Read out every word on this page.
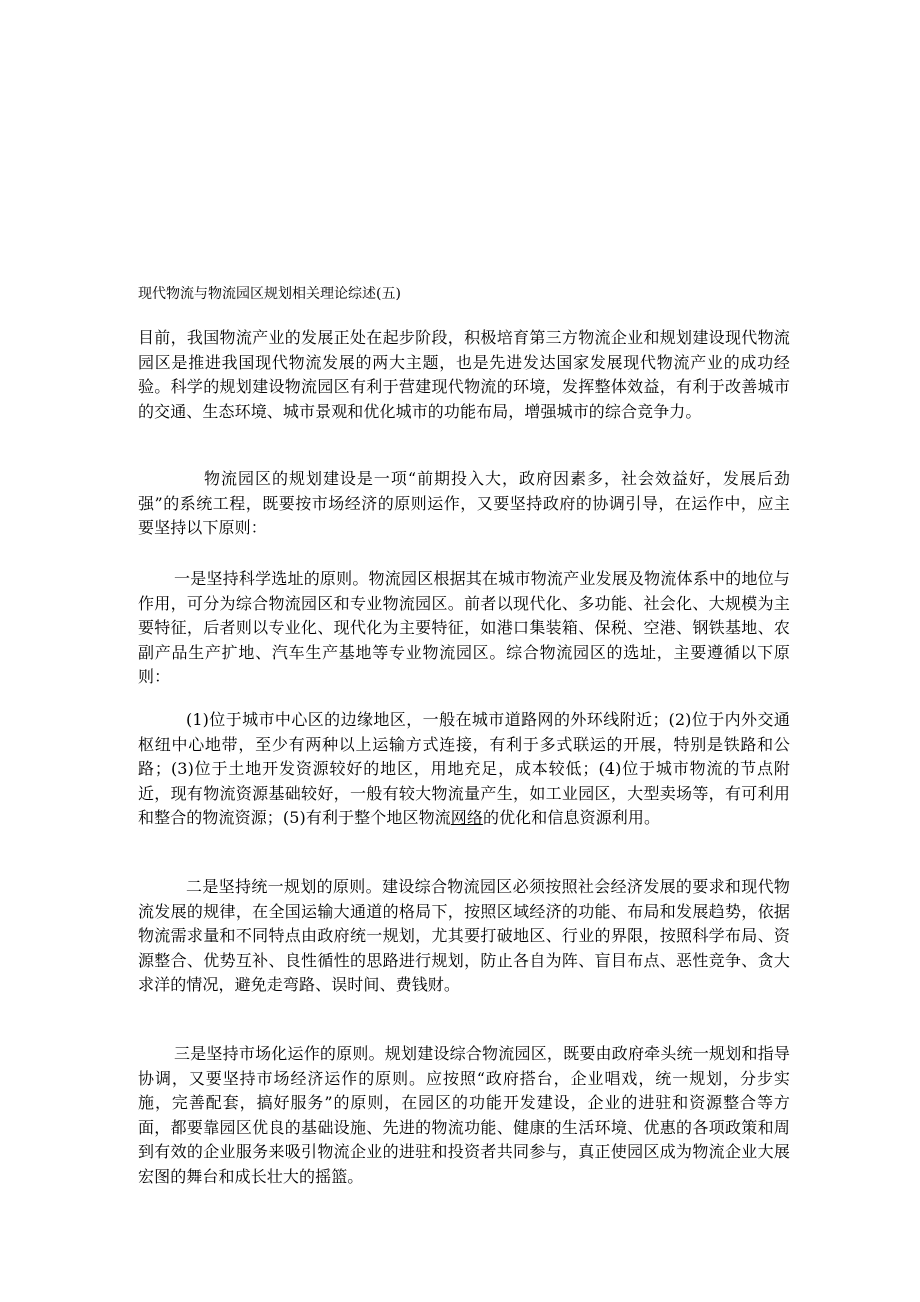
现代物流与物流园区规划相关理论综述(五)

目前，我国物流产业的发展正处在起步阶段，积极培育第三方物流企业和规划建设现代物流园区是推进我国现代物流发展的两大主题，也是先进发达国家发展现代物流产业的成功经验。科学的规划建设物流园区有利于营建现代物流的环境，发挥整体效益，有利于改善城市的交通、生态环境、城市景观和优化城市的功能布局，增强城市的综合竞争力。

物流园区的规划建设是一项“前期投入大，政府因素多，社会效益好，发展后劲强”的系统工程，既要按市场经济的原则运作，又要坚持政府的协调引导，在运作中，应主要坚持以下原则：

一是坚持科学选址的原则。物流园区根据其在城市物流产业发展及物流体系中的地位与作用，可分为综合物流园区和专业物流园区。前者以现代化、多功能、社会化、大规模为主要特征，后者则以专业化、现代化为主要特征，如港口集装箱、保税、空港、钢铁基地、农副产品生产扩地、汽车生产基地等专业物流园区。综合物流园区的选址，主要遵循以下原则：

(1)位于城市中心区的边缘地区，一般在城市道路网的外环线附近；(2)位于内外交通枢纽中心地带，至少有两种以上运输方式连接，有利于多式联运的开展，特别是铁路和公路；(3)位于土地开发资源较好的地区，用地充足，成本较低；(4)位于城市物流的节点附近，现有物流资源基础较好，一般有较大物流量产生，如工业园区，大型卖场等，有可利用和整合的物流资源；(5)有利于整个地区物流网络的优化和信息资源利用。

二是坚持统一规划的原则。建设综合物流园区必须按照社会经济发展的要求和现代物流发展的规律，在全国运输大通道的格局下，按照区域经济的功能、布局和发展趋势，依据物流需求量和不同特点由政府统一规划，尤其要打破地区、行业的界限，按照科学布局、资源整合、优势互补、良性循性的思路进行规划，防止各自为阵、盲目布点、恶性竞争、贪大求洋的情况，避免走弯路、误时间、费钱财。

三是坚持市场化运作的原则。规划建设综合物流园区，既要由政府牵头统一规划和指导协调，又要坚持市场经济运作的原则。应按照“政府搭台，企业唱戏，统一规划，分步实施，完善配套，搞好服务”的原则，在园区的功能开发建设，企业的进驻和资源整合等方面，都要靠园区优良的基础设施、先进的物流功能、健康的生活环境、优惠的各项政策和周到有效的企业服务来吸引物流企业的进驻和投资者共同参与，真正使园区成为物流企业大展宏图的舞台和成长壮大的摇篮。
